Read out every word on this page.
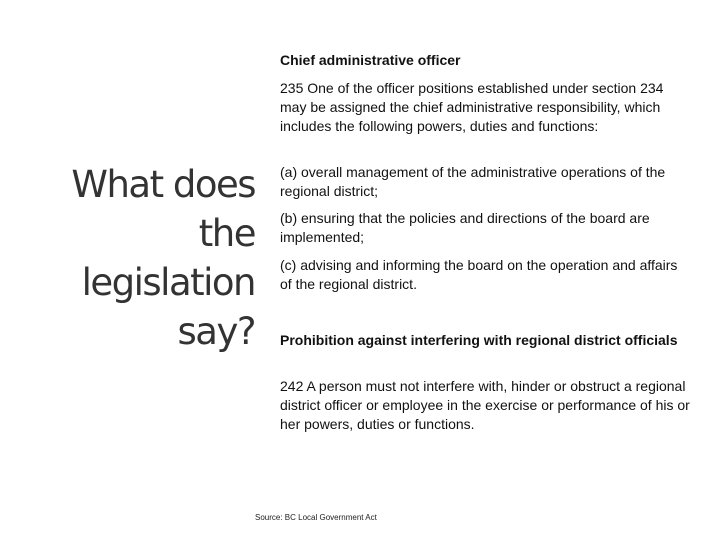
What does
the
legislation
say?

Chief administrative officer

235 One of the officer positions established under section 234 may be assigned the chief administrative responsibility, which includes the following powers, duties and functions:

(a) overall management of the administrative operations of the regional district;

(b) ensuring that the policies and directions of the board are implemented;

(c) advising and informing the board on the operation and affairs of the regional district.

Prohibition against interfering with regional district officials

242 A person must not interfere with, hinder or obstruct a regional district officer or employee in the exercise or performance of his or her powers, duties or functions.

Source: BC Local Government Act
